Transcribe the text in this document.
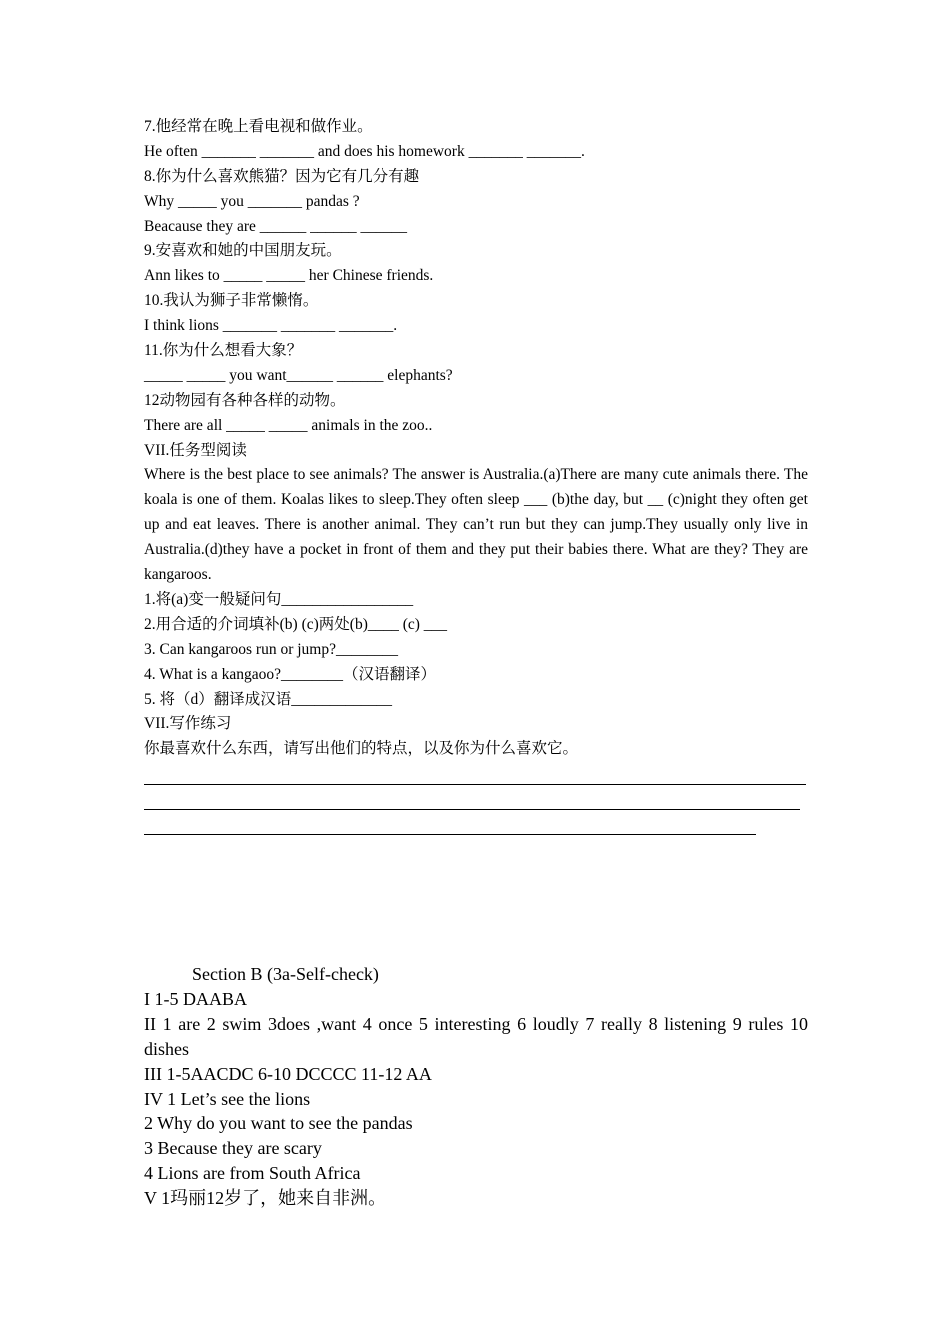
7.他经常在晚上看电视和做作业。
He often _______ _______ and does his homework _______ _______.
8.你为什么喜欢熊猫？因为它有几分有趣
Why _____ you _______ pandas ?
Beacause they are ______ ______ ______
9.安喜欢和她的中国朋友玩。
Ann likes to _____ _____ her Chinese friends.
10.我认为狮子非常懒惰。
I think lions _______ _______ _______.
11.你为什么想看大象？
_____ _____ you want______ ______ elephants?
12动物园有各种各样的动物。
There are all _____ _____ animals in the zoo..
VII.任务型阅读
Where is the best place to see animals? The answer is Australia.(a)There are many cute animals there. The koala is one of them. Koalas likes to sleep.They often sleep ___ (b)the day, but __ (c)night they often get up and eat leaves. There is another animal. They can’t run but they can jump.They usually only live in Australia.(d)they have a pocket in front of them and they put their babies there. What are they? They are kangaroos.
1.将(a)变一般疑问句_________________
2.用合适的介词填补(b) (c)两处(b)____ (c) ___
3. Can kangaroos run or jump?________
4. What is a kangaoo?________（汉语翻译）
5. 将（d）翻译成汉语_____________
VII.写作练习
你最喜欢什么东西，请写出他们的特点，以及你为什么喜欢它。
Section B (3a-Self-check)
I 1-5 DAABA
II 1 are 2 swim 3does ,want 4 once 5 interesting 6 loudly 7 really 8 listening 9 rules 10 dishes
III 1-5AACDC 6-10 DCCCC 11-12 AA
IV 1 Let’s see the lions
2 Why do you want to see the pandas
3 Because they are scary
4 Lions are from South Africa
V 1玛丽12岁了，她来自非洲。
